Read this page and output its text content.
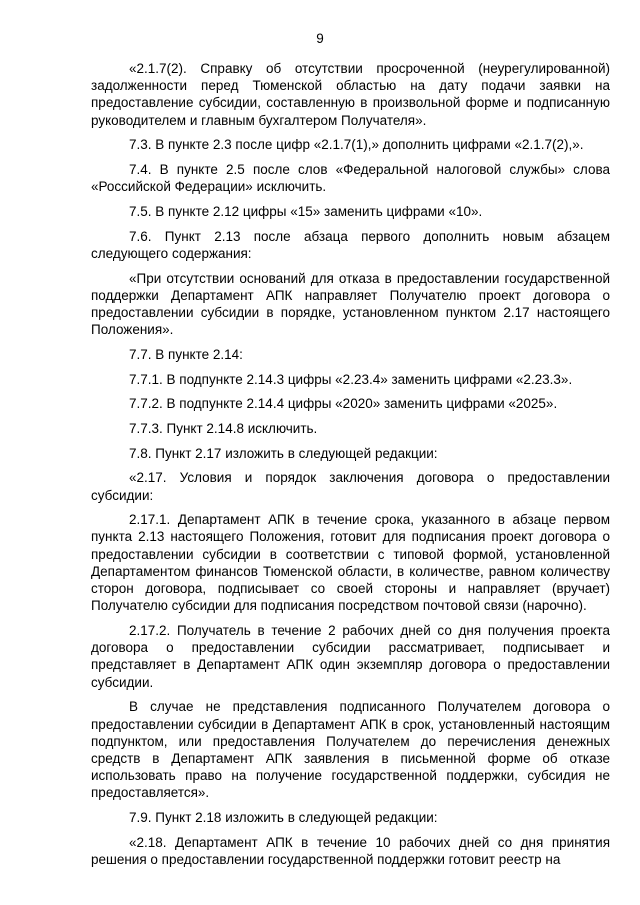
9

«2.1.7(2). Справку об отсутствии просроченной (неурегулированной) задолженности перед Тюменской областью на дату подачи заявки на предоставление субсидии, составленную в произвольной форме и подписанную руководителем и главным бухгалтером Получателя».

7.3. В пункте 2.3 после цифр «2.1.7(1),» дополнить цифрами «2.1.7(2),».

7.4. В пункте 2.5 после слов «Федеральной налоговой службы» слова «Российской Федерации» исключить.

7.5. В пункте 2.12 цифры «15» заменить цифрами «10».

7.6. Пункт 2.13 после абзаца первого дополнить новым абзацем следующего содержания:

«При отсутствии оснований для отказа в предоставлении государственной поддержки Департамент АПК направляет Получателю проект договора о предоставлении субсидии в порядке, установленном пунктом 2.17 настоящего Положения».

7.7. В пункте 2.14:

7.7.1. В подпункте 2.14.3 цифры «2.23.4» заменить цифрами «2.23.3».

7.7.2. В подпункте 2.14.4 цифры «2020» заменить цифрами «2025».

7.7.3. Пункт 2.14.8 исключить.

7.8. Пункт 2.17 изложить в следующей редакции:

«2.17. Условия и порядок заключения договора о предоставлении субсидии:

2.17.1. Департамент АПК в течение срока, указанного в абзаце первом пункта 2.13 настоящего Положения, готовит для подписания проект договора о предоставлении субсидии в соответствии с типовой формой, установленной Департаментом финансов Тюменской области, в количестве, равном количеству сторон договора, подписывает со своей стороны и направляет (вручает) Получателю субсидии для подписания посредством почтовой связи (нарочно).

2.17.2. Получатель в течение 2 рабочих дней со дня получения проекта договора о предоставлении субсидии рассматривает, подписывает и представляет в Департамент АПК один экземпляр договора о предоставлении субсидии.

В случае не представления подписанного Получателем договора о предоставлении субсидии в Департамент АПК в срок, установленный настоящим подпунктом, или предоставления Получателем до перечисления денежных средств в Департамент АПК заявления в письменной форме об отказе использовать право на получение государственной поддержки, субсидия не предоставляется».

7.9. Пункт 2.18 изложить в следующей редакции:

«2.18. Департамент АПК в течение 10 рабочих дней со дня принятия решения о предоставлении государственной поддержки готовит реестр на
